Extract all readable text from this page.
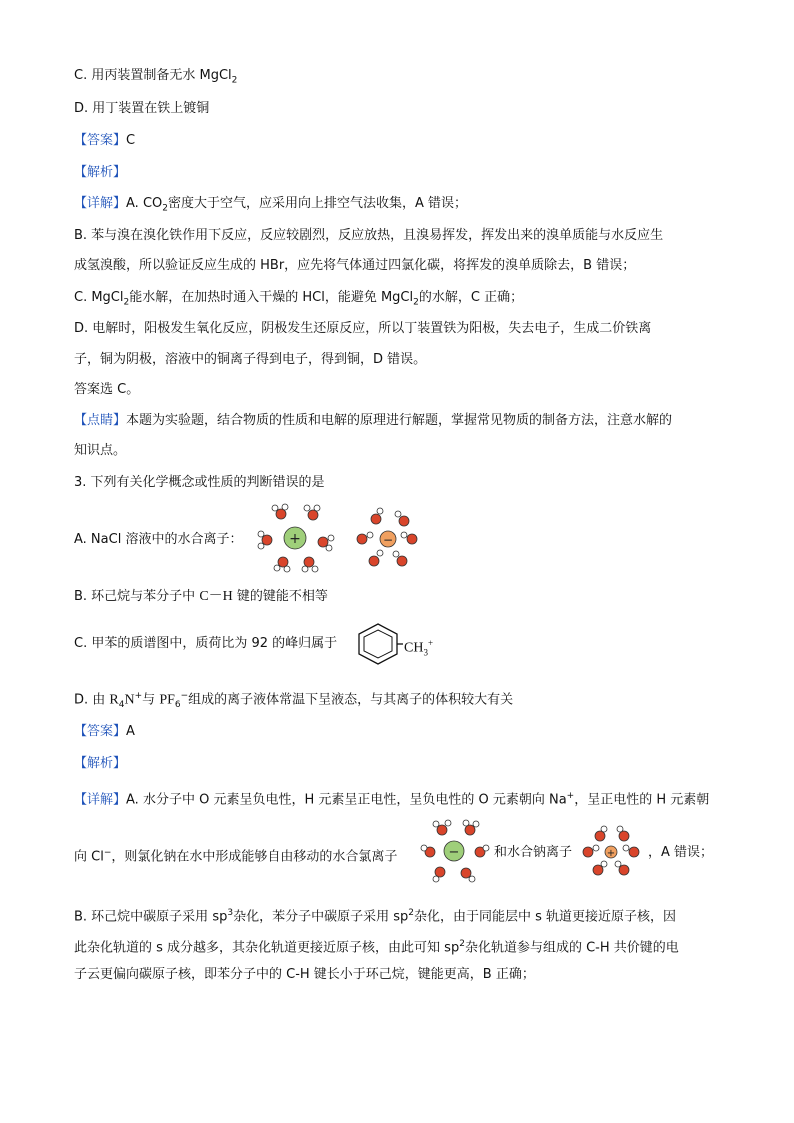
C. 用丙装置制备无水 MgCl$_2$
D. 用丁装置在铁上镀铜
【答案】C
【解析】
【详解】A. $CO_2$密度大于空气，应采用向上排空气法收集，A 错误；
B. 苯与溴在溴化铁作用下反应，反应较剧烈，反应放热，且溴易挥发，挥发出来的溴单质能与水反应生
成氢溴酸，所以验证反应生成的 HBr，应先将气体通过四氯化碳，将挥发的溴单质除去，B 错误；
C. MgCl$_2$能水解，在加热时通入干燥的 HCl，能避免 MgCl$_2$的水解，C 正确；
D. 电解时，阳极发生氧化反应，阴极发生还原反应，所以丁装置铁为阳极，失去电子，生成二价铁离
子，铜为阴极，溶液中的铜离子得到电子，得到铜，D 错误。
答案选 C。
【点睛】本题为实验题，结合物质的性质和电解的原理进行解题，掌握常见物质的制备方法，注意水解的
知识点。
3. 下列有关化学概念或性质的判断错误的是
A. NaCl 溶液中的水合离子：	+	−
B. 环己烷与苯分子中 C－H 键的键能不相等
C. 甲苯的质谱图中，质荷比为 92 的峰归属于	$CH_3^+$
D. 由 $R_4N^+$与 $PF_6^-$组成的离子液体常温下呈液态，与其离子的体积较大有关
【答案】A
【解析】
【详解】A. 水分子中 O 元素呈负电性，H 元素呈正电性，呈负电性的 O 元素朝向 Na+，呈正电性的 H 元素朝
向 Cl−，则氯化钠在水中形成能够自由移动的水合氯离子	−	和水合钠离子	+	，A 错误；
B. 环己烷中碳原子采用 $sp^3$杂化，苯分子中碳原子采用 $sp^2$杂化，由于同能层中 s 轨道更接近原子核，因
此杂化轨道的 s 成分越多，其杂化轨道更接近原子核，由此可知 $sp^2$杂化轨道参与组成的 C-H 共价键的电
子云更偏向碳原子核，即苯分子中的 C-H 键长小于环己烷，键能更高，B 正确；
